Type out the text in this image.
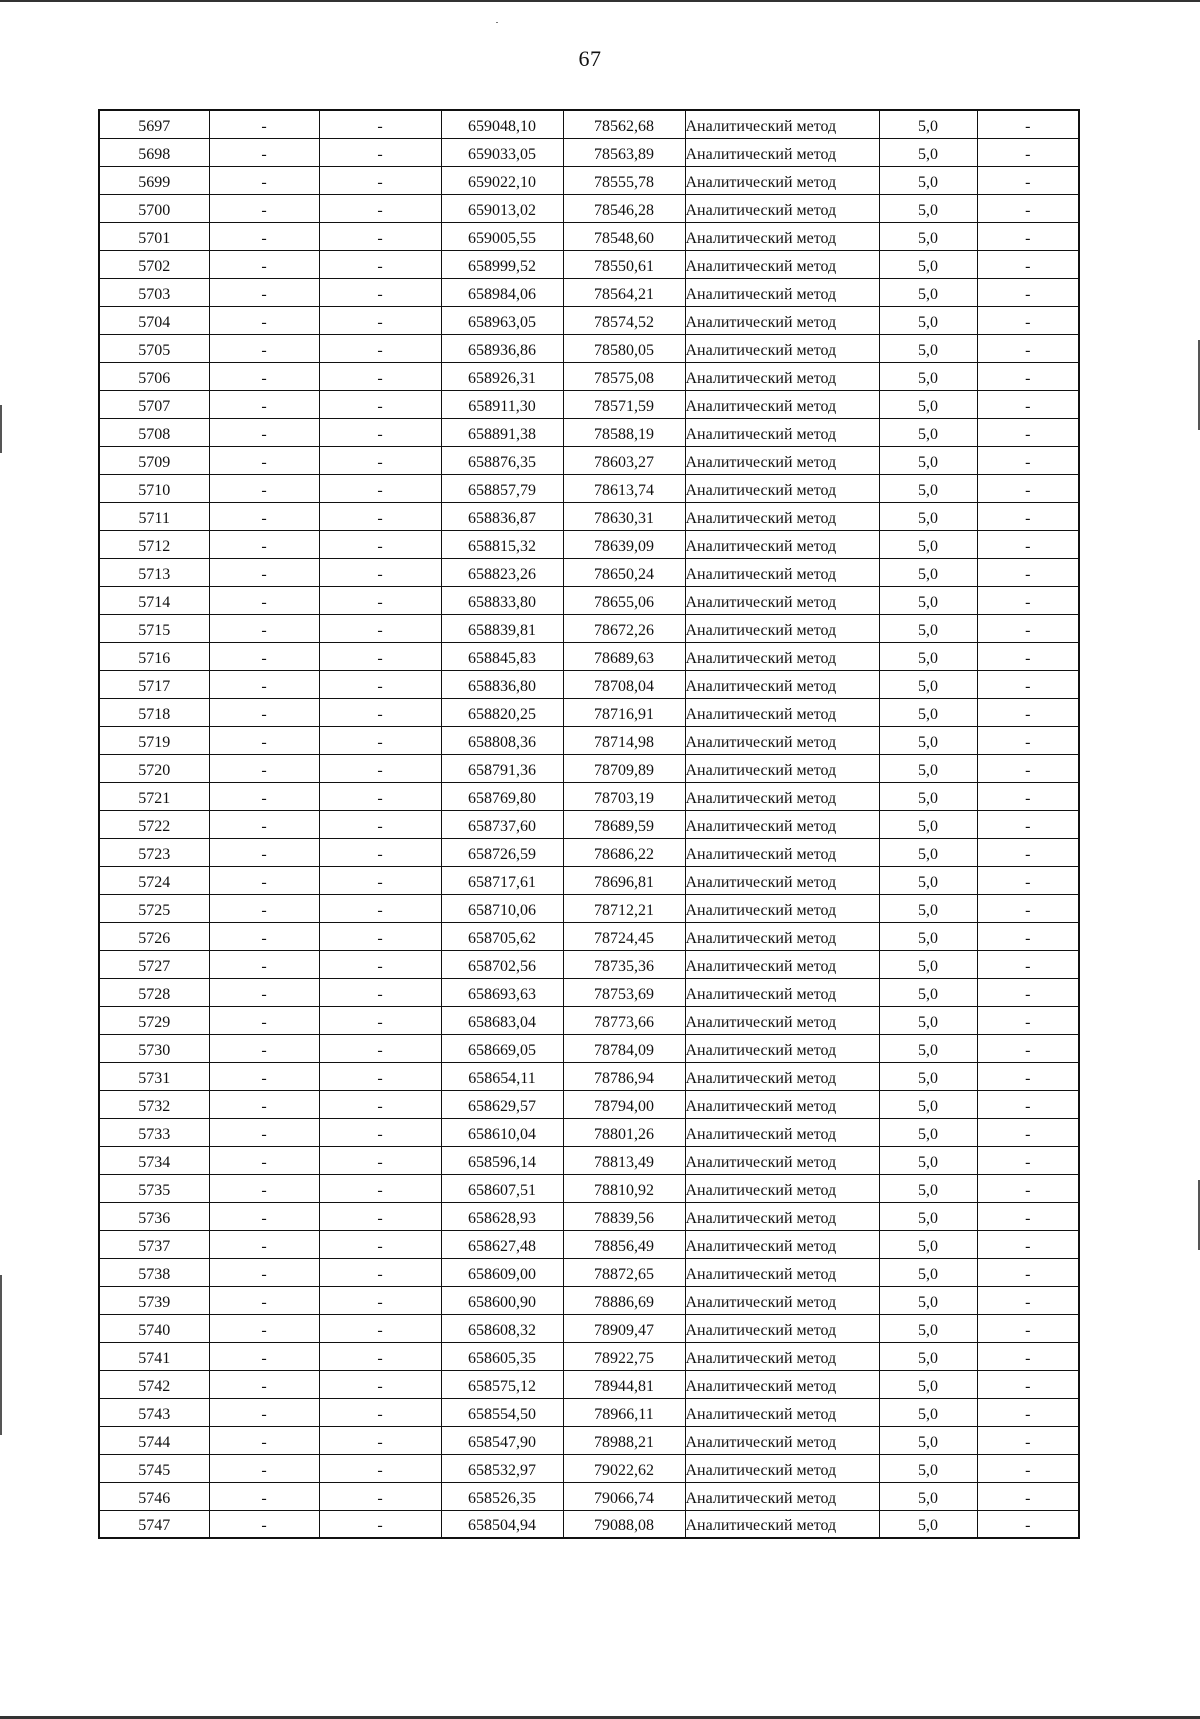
67
5697	-	-	659048,10	78562,68	Аналитический метод	5,0	-
5698	-	-	659033,05	78563,89	Аналитический метод	5,0	-
5699	-	-	659022,10	78555,78	Аналитический метод	5,0	-
5700	-	-	659013,02	78546,28	Аналитический метод	5,0	-
5701	-	-	659005,55	78548,60	Аналитический метод	5,0	-
5702	-	-	658999,52	78550,61	Аналитический метод	5,0	-
5703	-	-	658984,06	78564,21	Аналитический метод	5,0	-
5704	-	-	658963,05	78574,52	Аналитический метод	5,0	-
5705	-	-	658936,86	78580,05	Аналитический метод	5,0	-
5706	-	-	658926,31	78575,08	Аналитический метод	5,0	-
5707	-	-	658911,30	78571,59	Аналитический метод	5,0	-
5708	-	-	658891,38	78588,19	Аналитический метод	5,0	-
5709	-	-	658876,35	78603,27	Аналитический метод	5,0	-
5710	-	-	658857,79	78613,74	Аналитический метод	5,0	-
5711	-	-	658836,87	78630,31	Аналитический метод	5,0	-
5712	-	-	658815,32	78639,09	Аналитический метод	5,0	-
5713	-	-	658823,26	78650,24	Аналитический метод	5,0	-
5714	-	-	658833,80	78655,06	Аналитический метод	5,0	-
5715	-	-	658839,81	78672,26	Аналитический метод	5,0	-
5716	-	-	658845,83	78689,63	Аналитический метод	5,0	-
5717	-	-	658836,80	78708,04	Аналитический метод	5,0	-
5718	-	-	658820,25	78716,91	Аналитический метод	5,0	-
5719	-	-	658808,36	78714,98	Аналитический метод	5,0	-
5720	-	-	658791,36	78709,89	Аналитический метод	5,0	-
5721	-	-	658769,80	78703,19	Аналитический метод	5,0	-
5722	-	-	658737,60	78689,59	Аналитический метод	5,0	-
5723	-	-	658726,59	78686,22	Аналитический метод	5,0	-
5724	-	-	658717,61	78696,81	Аналитический метод	5,0	-
5725	-	-	658710,06	78712,21	Аналитический метод	5,0	-
5726	-	-	658705,62	78724,45	Аналитический метод	5,0	-
5727	-	-	658702,56	78735,36	Аналитический метод	5,0	-
5728	-	-	658693,63	78753,69	Аналитический метод	5,0	-
5729	-	-	658683,04	78773,66	Аналитический метод	5,0	-
5730	-	-	658669,05	78784,09	Аналитический метод	5,0	-
5731	-	-	658654,11	78786,94	Аналитический метод	5,0	-
5732	-	-	658629,57	78794,00	Аналитический метод	5,0	-
5733	-	-	658610,04	78801,26	Аналитический метод	5,0	-
5734	-	-	658596,14	78813,49	Аналитический метод	5,0	-
5735	-	-	658607,51	78810,92	Аналитический метод	5,0	-
5736	-	-	658628,93	78839,56	Аналитический метод	5,0	-
5737	-	-	658627,48	78856,49	Аналитический метод	5,0	-
5738	-	-	658609,00	78872,65	Аналитический метод	5,0	-
5739	-	-	658600,90	78886,69	Аналитический метод	5,0	-
5740	-	-	658608,32	78909,47	Аналитический метод	5,0	-
5741	-	-	658605,35	78922,75	Аналитический метод	5,0	-
5742	-	-	658575,12	78944,81	Аналитический метод	5,0	-
5743	-	-	658554,50	78966,11	Аналитический метод	5,0	-
5744	-	-	658547,90	78988,21	Аналитический метод	5,0	-
5745	-	-	658532,97	79022,62	Аналитический метод	5,0	-
5746	-	-	658526,35	79066,74	Аналитический метод	5,0	-
5747	-	-	658504,94	79088,08	Аналитический метод	5,0	-
